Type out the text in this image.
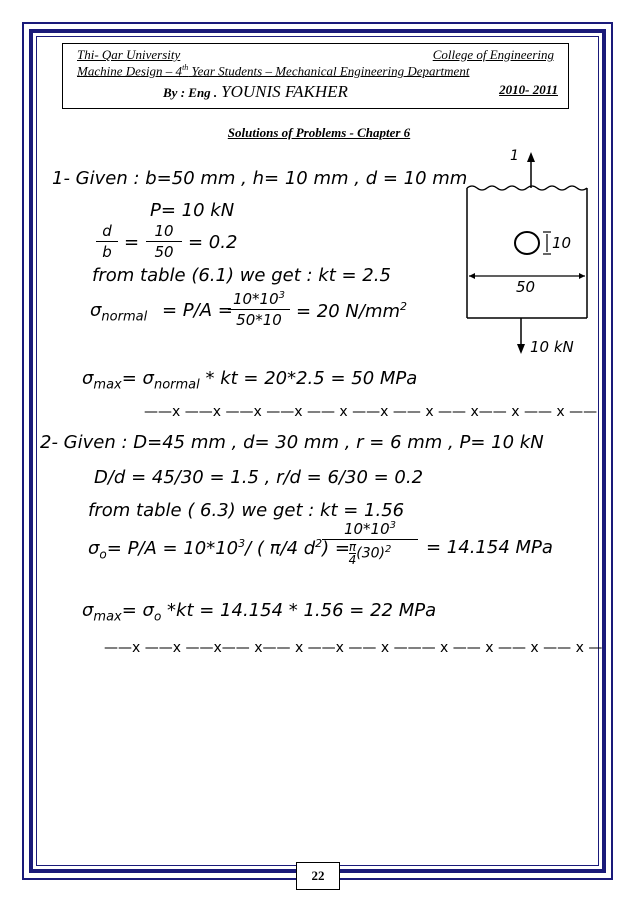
Thi- Qar University	College of Engineering
Machine Design – 4th Year Students – Mechanical Engineering Department
By : Eng . YOUNIS FAKHER	2010- 2011
Solutions of Problems - Chapter 6
1- Given : b=50 mm , h= 10 mm , d = 10 mm
P= 10 kN
d
b =
10
50 = 0.2
from table (6.1) we get : kt = 2.5
$\sigma_{normal} = P/A$ =
$10*10^3$
50*10 = 20 $N/mm^2$
$\sigma_{max}= \sigma_{normal}$ * kt = 20*2.5 = 50 MPa
——x ——x ——x ——x —— x ——x —— x —— x—— x —— x ——
1
10
50
10 kN
2- Given : D=45 mm , d= 30 mm , r = 6 mm , P= 10 kN
D/d = 45/30 = 1.5 , r/d = 6/30 = 0.2
from table ( 6.3) we get : kt = 1.56
$\sigma_o= P/A = 10*10^3/$ ( π/4 $d^2$) =
$10*10^3$
$\frac{\pi}{4} (30)^2$	= 14.154 MPa
$\sigma_{max}= \sigma_o$ *kt = 14.154 * 1.56 = 22 MPa
——x ——x ——x—— x—— x ——x —— x ——— x —— x —— x —— x —
22
